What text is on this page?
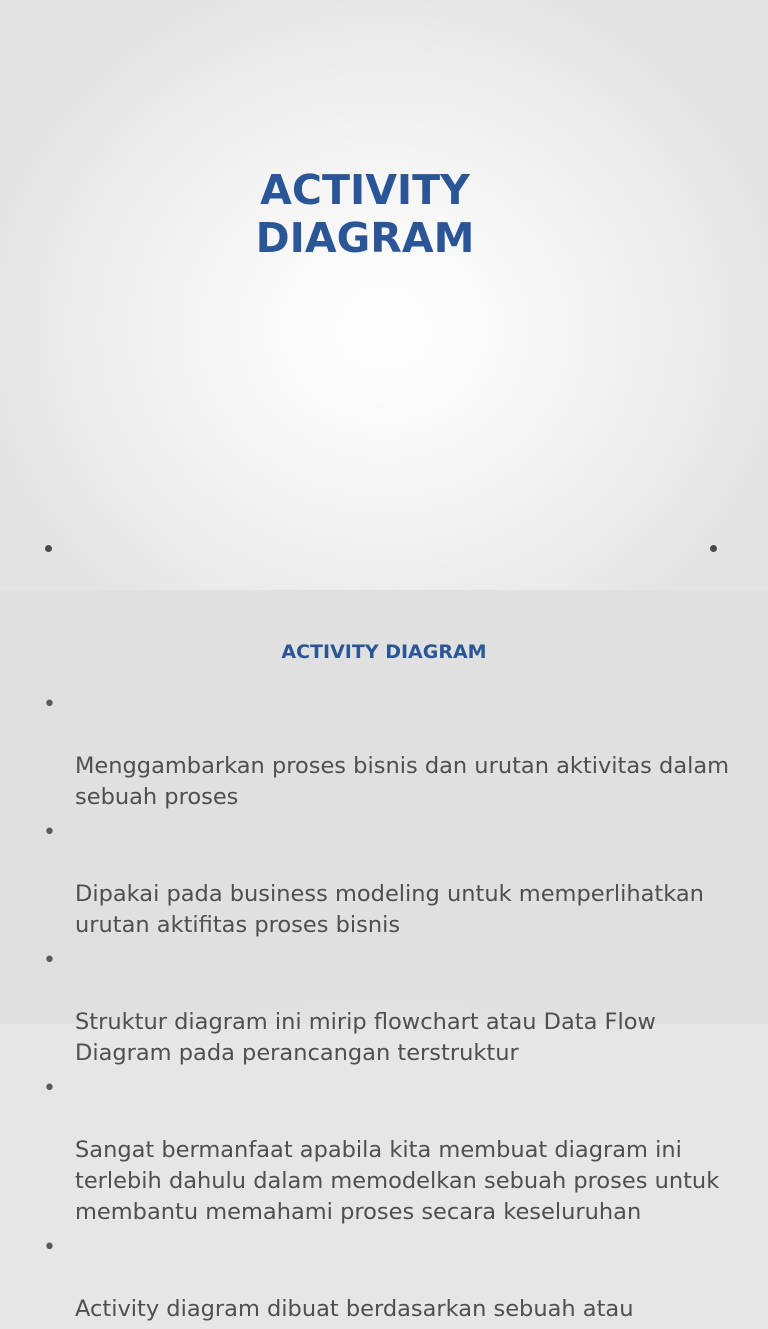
ACTIVITY
DIAGRAM
ACTIVITY DIAGRAM

•

Menggambarkan proses bisnis dan urutan aktivitas dalam
sebuah proses

•

Dipakai pada business modeling untuk memperlihatkan
urutan aktifitas proses bisnis

•

Struktur diagram ini mirip flowchart atau Data Flow
Diagram pada perancangan terstruktur

•

Sangat bermanfaat apabila kita membuat diagram ini
terlebih dahulu dalam memodelkan sebuah proses untuk
membantu memahami proses secara keseluruhan

•

Activity diagram dibuat berdasarkan sebuah atau
